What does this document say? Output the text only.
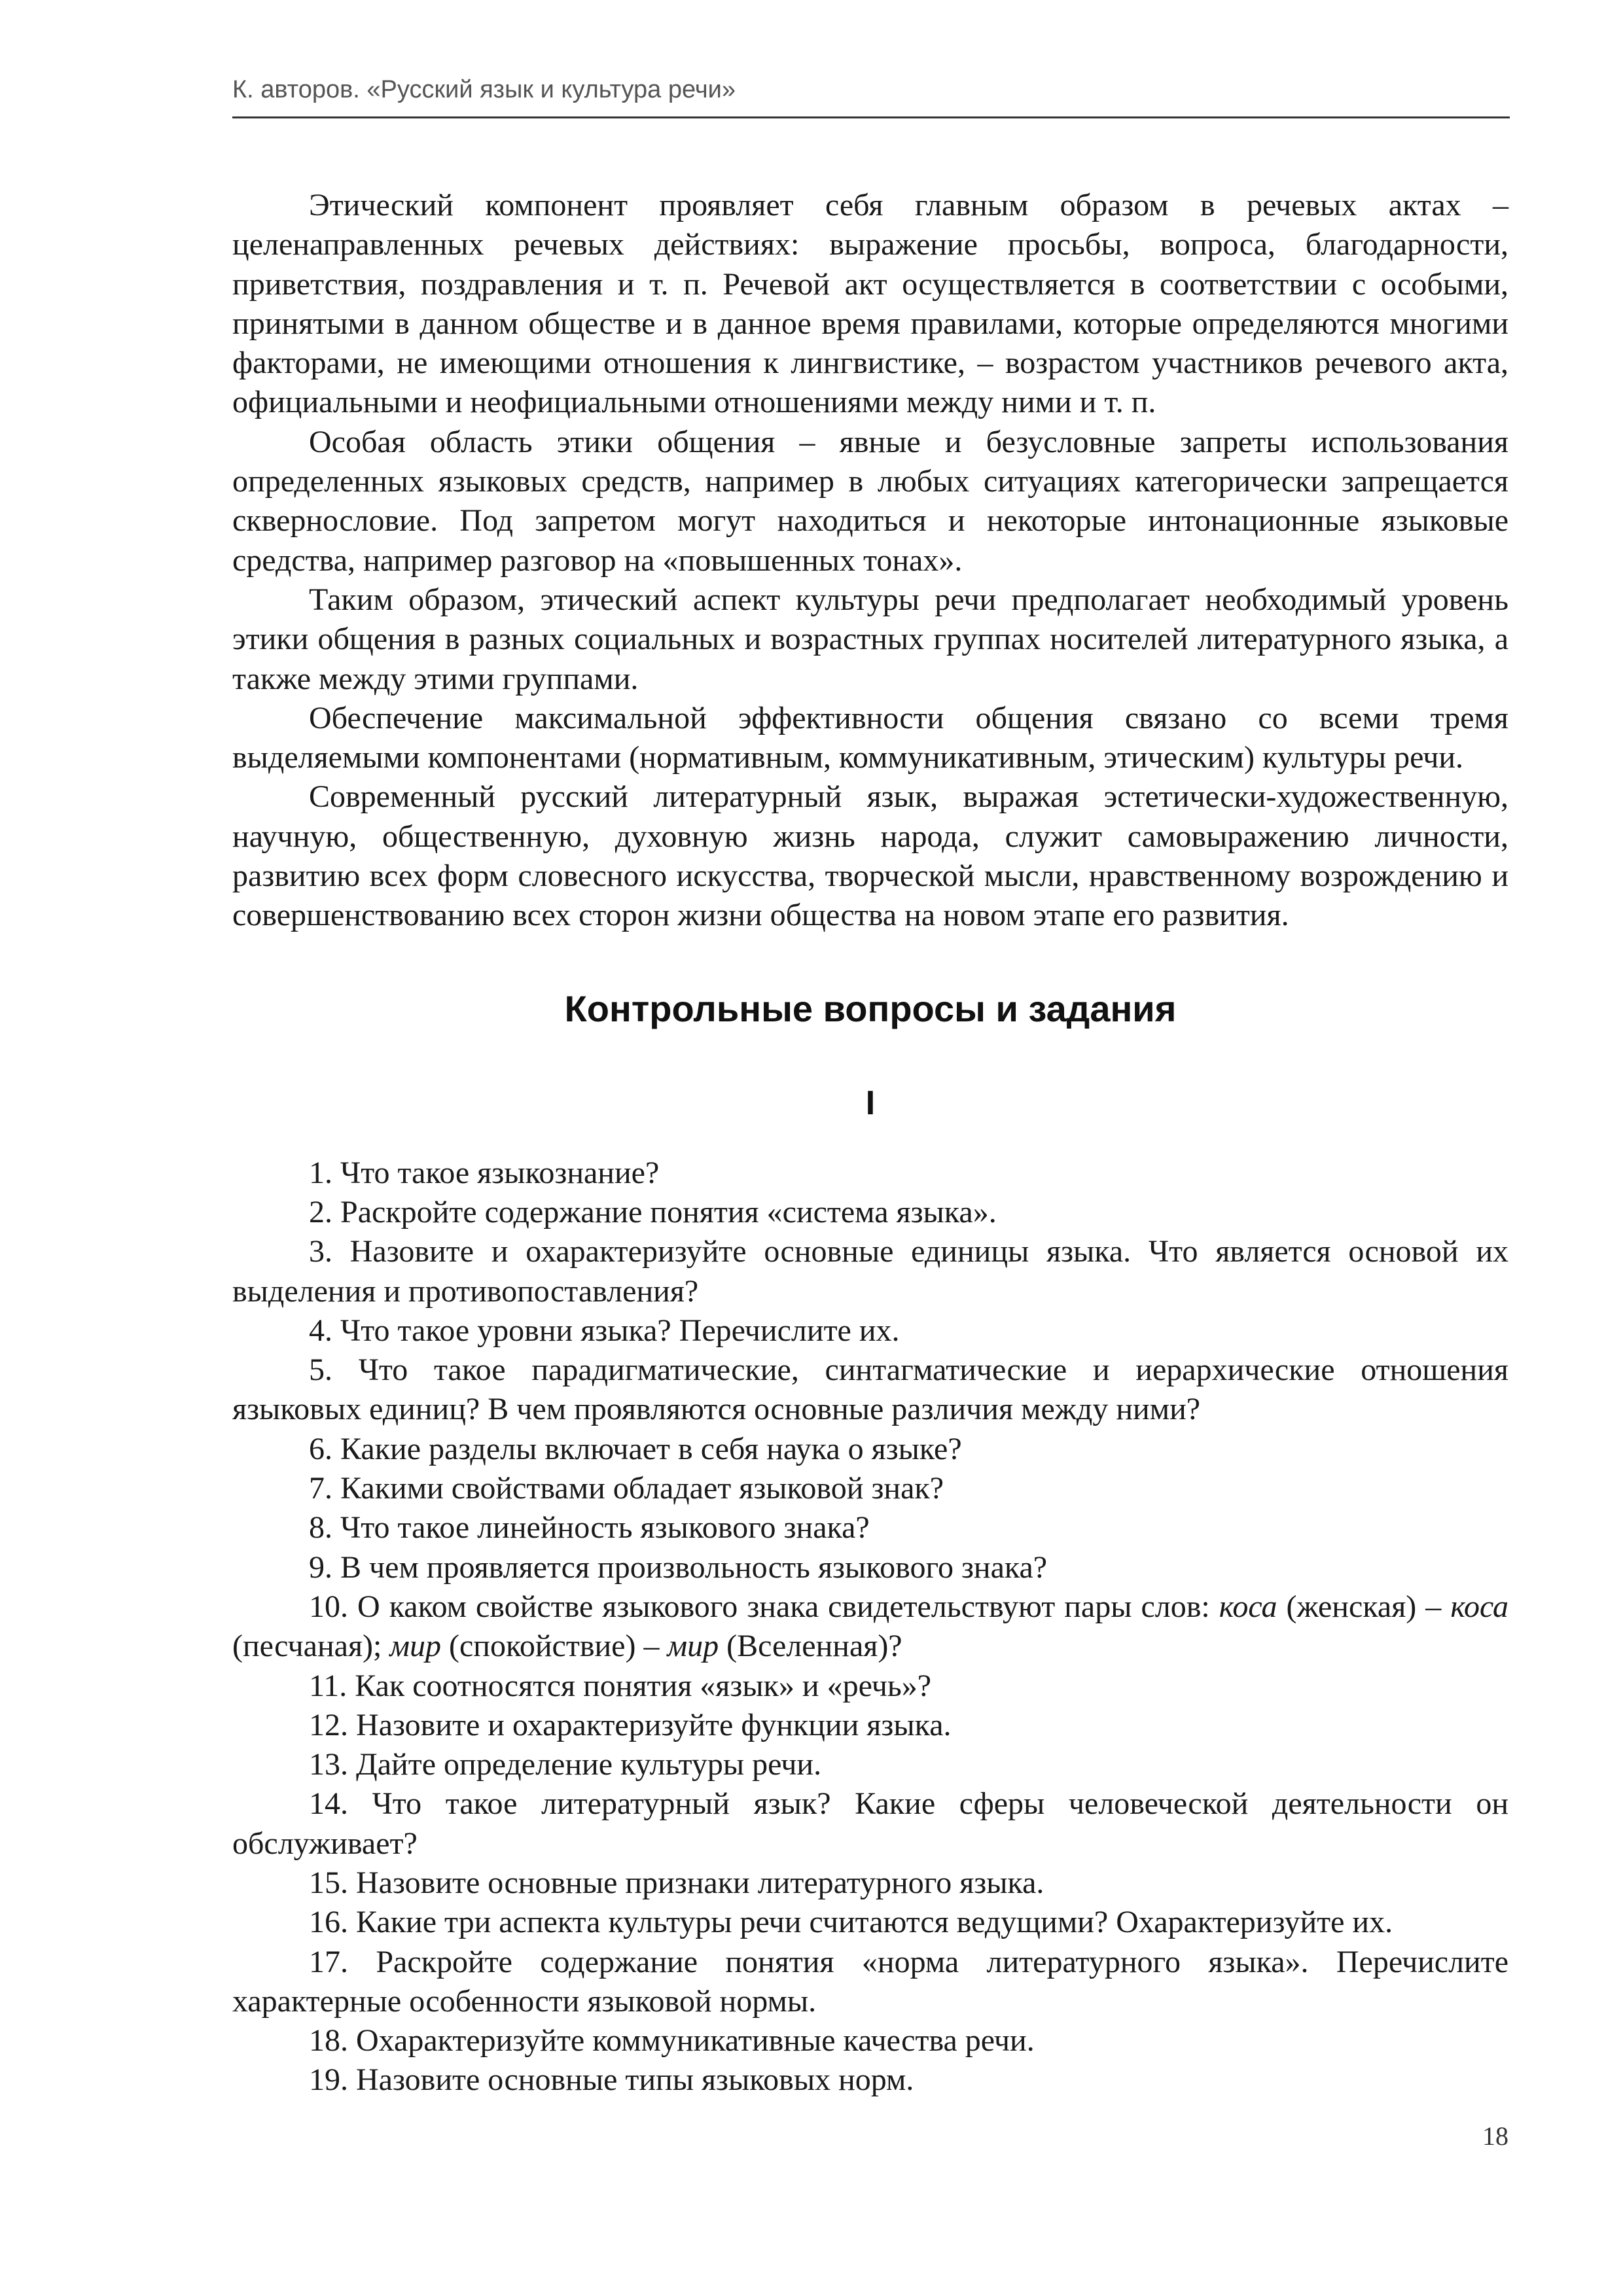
К. авторов. «Русский язык и культура речи»

Этический компонент проявляет себя главным образом в речевых актах – целенаправленных речевых действиях: выражение просьбы, вопроса, благодарности, приветствия, поздравления и т. п. Речевой акт осуществляется в соответствии с особыми, принятыми в данном обществе и в данное время правилами, которые определяются многими факторами, не имеющими отношения к лингвистике, – возрастом участников речевого акта, официальными и неофициальными отношениями между ними и т. п.

Особая область этики общения – явные и безусловные запреты использования определенных языковых средств, например в любых ситуациях категорически запрещается сквернословие. Под запретом могут находиться и некоторые интонационные языковые средства, например разговор на «повышенных тонах».

Таким образом, этический аспект культуры речи предполагает необходимый уровень этики общения в разных социальных и возрастных группах носителей литературного языка, а также между этими группами.

Обеспечение максимальной эффективности общения связано со всеми тремя выделяемыми компонентами (нормативным, коммуникативным, этическим) культуры речи.

Современный русский литературный язык, выражая эстетически-художественную, научную, общественную, духовную жизнь народа, служит самовыражению личности, развитию всех форм словесного искусства, творческой мысли, нравственному возрождению и совершенствованию всех сторон жизни общества на новом этапе его развития.

Контрольные вопросы и задания
I

1. Что такое языкознание?

2. Раскройте содержание понятия «система языка».

3. Назовите и охарактеризуйте основные единицы языка. Что является основой их выделения и противопоставления?

4. Что такое уровни языка? Перечислите их.

5. Что такое парадигматические, синтагматические и иерархические отношения языковых единиц? В чем проявляются основные различия между ними?

6. Какие разделы включает в себя наука о языке?

7. Какими свойствами обладает языковой знак?

8. Что такое линейность языкового знака?

9. В чем проявляется произвольность языкового знака?

10. О каком свойстве языкового знака свидетельствуют пары слов: коса (женская) – коса (песчаная); мир (спокойствие) – мир (Вселенная)?

11. Как соотносятся понятия «язык» и «речь»?

12. Назовите и охарактеризуйте функции языка.

13. Дайте определение культуры речи.

14. Что такое литературный язык? Какие сферы человеческой деятельности он обслуживает?

15. Назовите основные признаки литературного языка.

16. Какие три аспекта культуры речи считаются ведущими? Охарактеризуйте их.

17. Раскройте содержание понятия «норма литературного языка». Перечислите характерные особенности языковой нормы.

18. Охарактеризуйте коммуникативные качества речи.

19. Назовите основные типы языковых норм.

18
